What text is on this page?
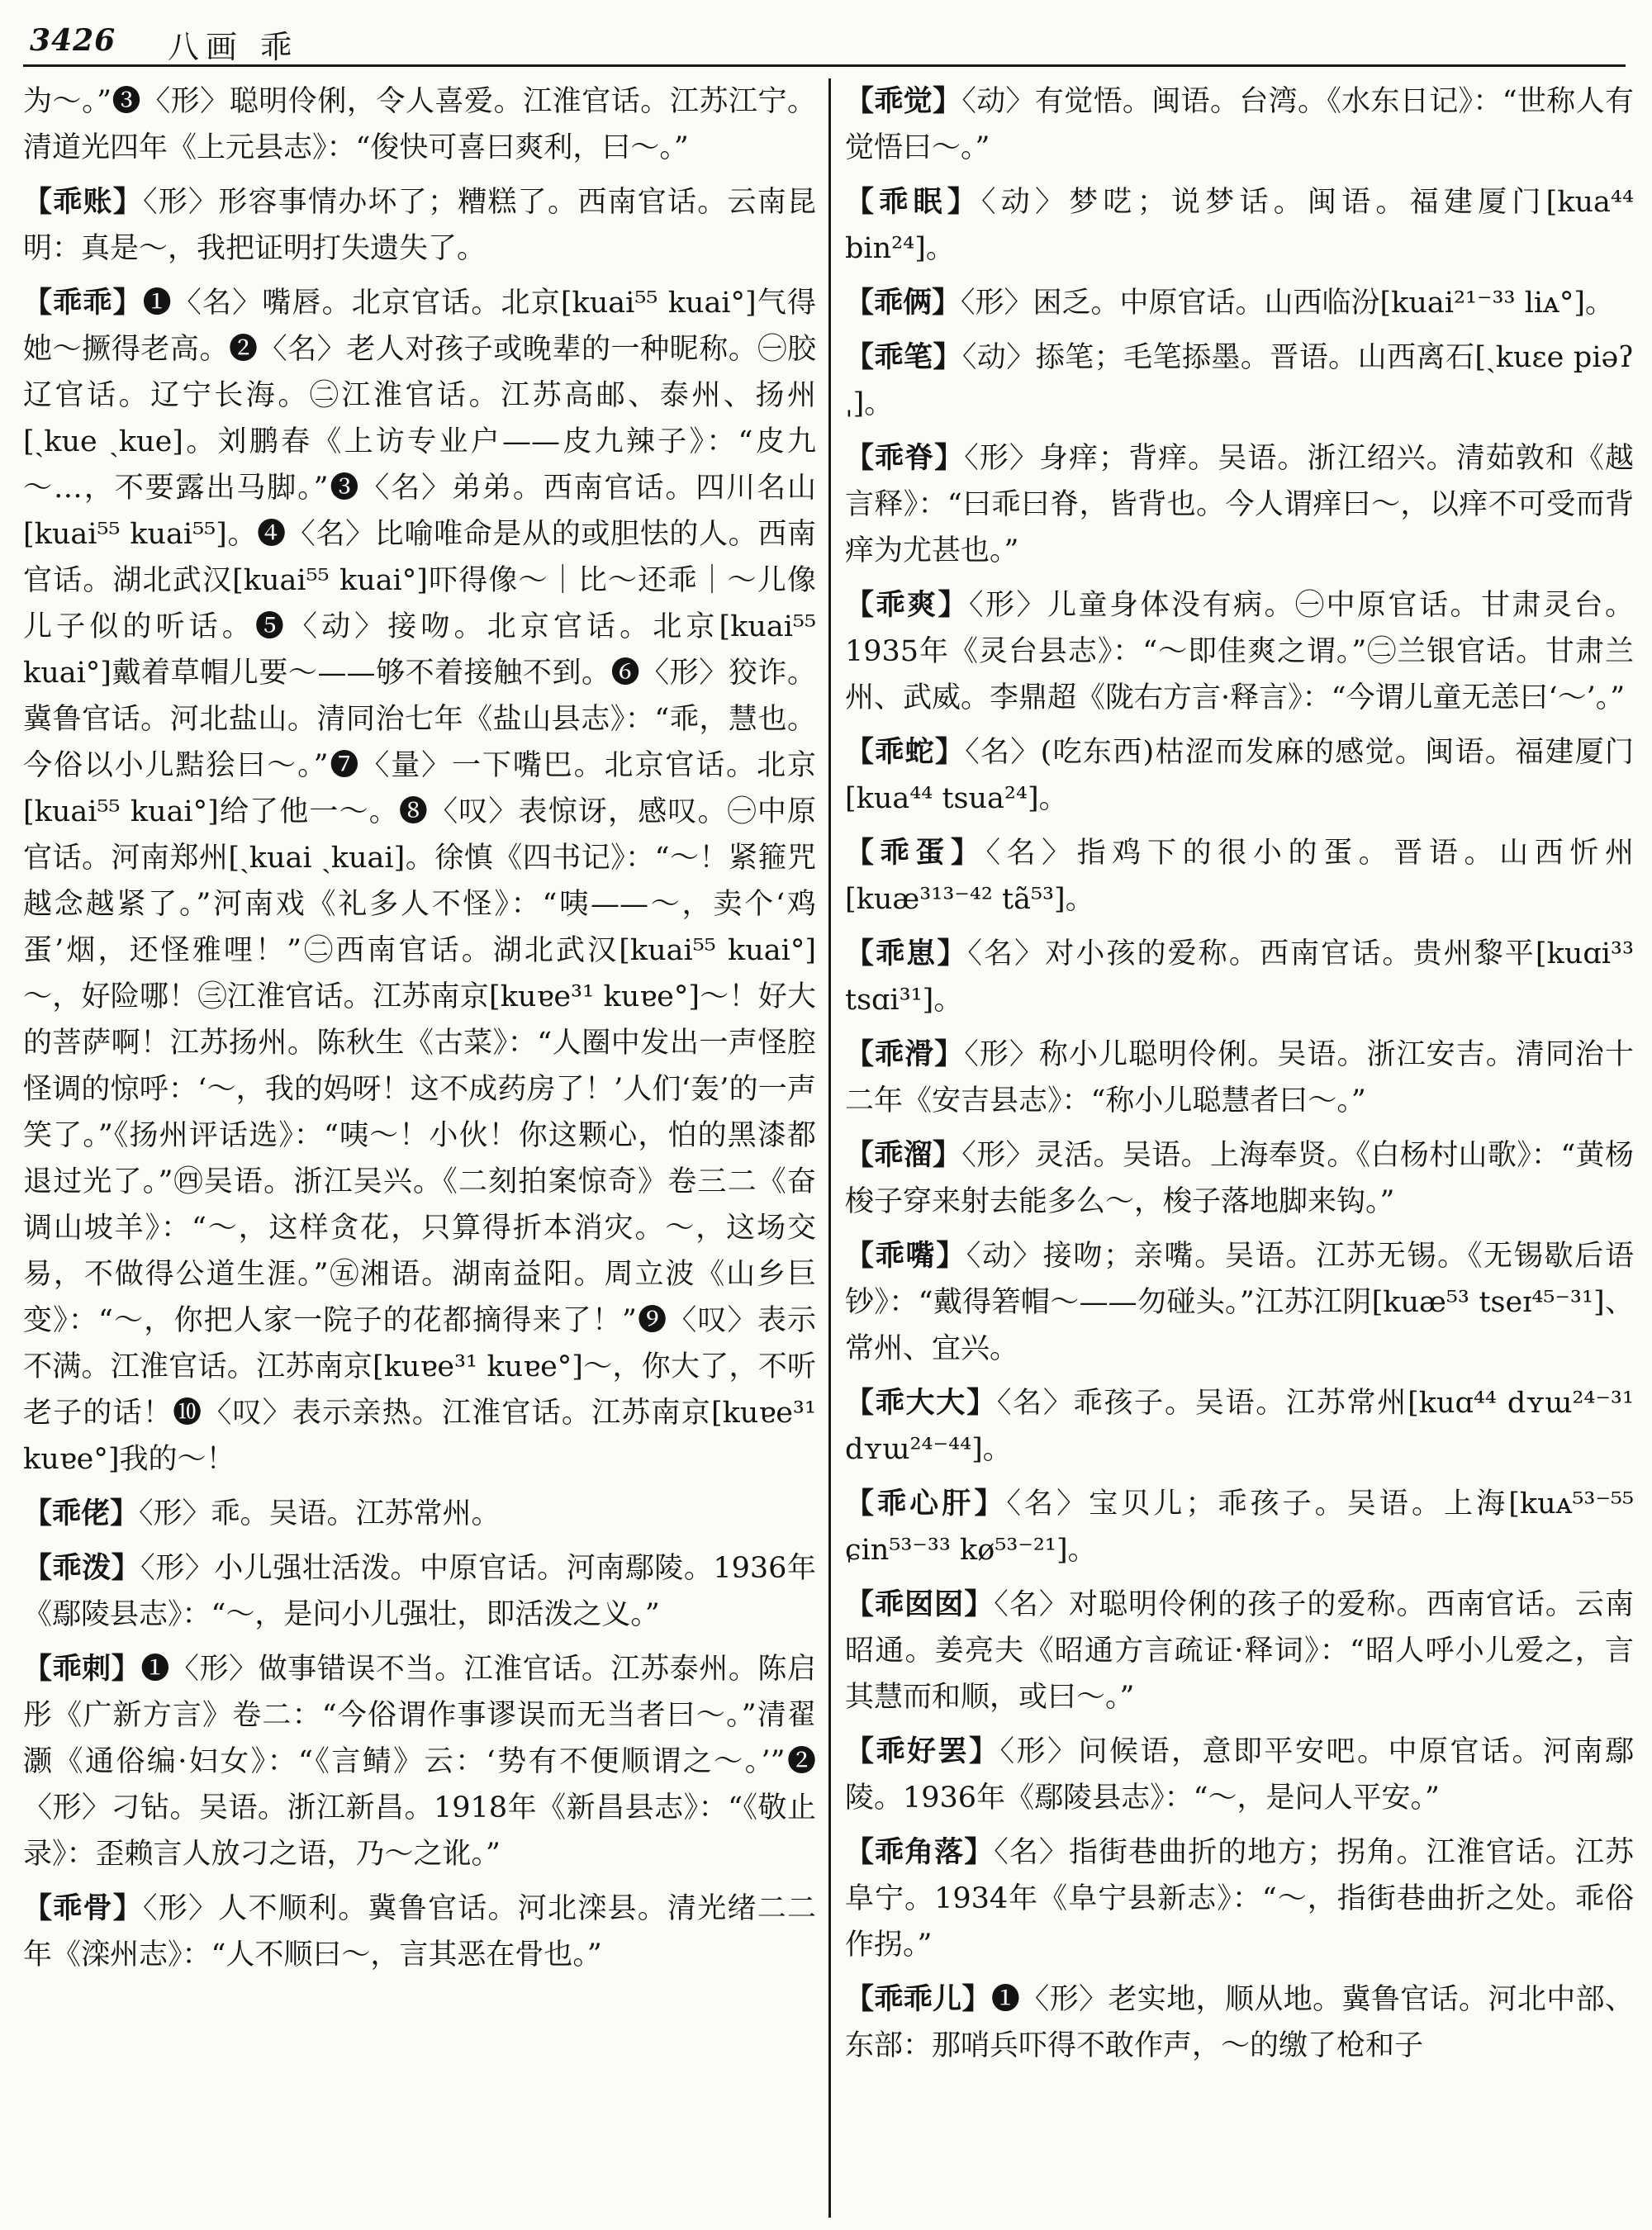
3426 八画 乖

为～。”❸〈形〉聪明伶俐，令人喜爱。江淮官话。江苏江宁。清道光四年《上元县志》：“俊快可喜曰爽利，曰～。”

【乖账】〈形〉形容事情办坏了；糟糕了。西南官话。云南昆明：真是～，我把证明打失遗失了。

【乖乖】❶〈名〉嘴唇。北京官话。北京[kuai⁵⁵ kuai°]气得她～撅得老高。❷〈名〉老人对孩子或晚辈的一种昵称。㊀胶辽官话。辽宁长海。㊁江淮官话。江苏高邮、泰州、扬州[ˏkue ˏkue]。刘鹏春《上访专业户——皮九辣子》：“皮九～…，不要露出马脚。”❸〈名〉弟弟。西南官话。四川名山[kuai⁵⁵ kuai⁵⁵]。❹〈名〉比喻唯命是从的或胆怯的人。西南官话。湖北武汉[kuai⁵⁵ kuai°]吓得像～｜比～还乖｜～儿像儿子似的听话。❺〈动〉接吻。北京官话。北京[kuai⁵⁵ kuai°]戴着草帽儿要～——够不着接触不到。❻〈形〉狡诈。冀鲁官话。河北盐山。清同治七年《盐山县志》：“乖，慧也。今俗以小儿黠狯曰～。”❼〈量〉一下嘴巴。北京官话。北京[kuai⁵⁵ kuai°]给了他一～。❽〈叹〉表惊讶，感叹。㊀中原官话。河南郑州[ˏkuai ˏkuai]。徐慎《四书记》：“～！紧箍咒越念越紧了。”河南戏《礼多人不怪》：“咦——～，卖个‘鸡蛋’烟，还怪雅哩！”㊁西南官话。湖北武汉[kuai⁵⁵ kuai°]～，好险哪！㊂江淮官话。江苏南京[kuɐe³¹ kuɐe°]～！好大的菩萨啊！江苏扬州。陈秋生《古菜》：“人圈中发出一声怪腔怪调的惊呼：‘～，我的妈呀！这不成药房了！’人们‘轰’的一声笑了。”《扬州评话选》：“咦～！小伙！你这颗心，怕的黑漆都退过光了。”㊃吴语。浙江吴兴。《二刻拍案惊奇》卷三二《奋调山坡羊》：“～，这样贪花，只算得折本消灾。～，这场交易，不做得公道生涯。”㊄湘语。湖南益阳。周立波《山乡巨变》：“～，你把人家一院子的花都摘得来了！”❾〈叹〉表示不满。江淮官话。江苏南京[kuɐe³¹ kuɐe°]～，你大了，不听老子的话！❿〈叹〉表示亲热。江淮官话。江苏南京[kuɐe³¹ kuɐe°]我的～！

【乖佬】〈形〉乖。吴语。江苏常州。

【乖泼】〈形〉小儿强壮活泼。中原官话。河南鄢陵。1936年《鄢陵县志》：“～，是问小儿强壮，即活泼之义。”

【乖刺】❶〈形〉做事错误不当。江淮官话。江苏泰州。陈启彤《广新方言》卷二：“今俗谓作事谬误而无当者曰～。”清翟灏《通俗编·妇女》：“《言鲭》云：‘势有不便顺谓之～。’”❷〈形〉刁钻。吴语。浙江新昌。1918年《新昌县志》：“《敬止录》：歪赖言人放刁之语，乃～之讹。”

【乖骨】〈形〉人不顺利。冀鲁官话。河北滦县。清光绪二二年《滦州志》：“人不顺曰～，言其恶在骨也。”

【乖觉】〈动〉有觉悟。闽语。台湾。《水东日记》：“世称人有觉悟曰～。”

【乖眠】〈动〉梦呓；说梦话。闽语。福建厦门[kua⁴⁴ bin²⁴]。

【乖俩】〈形〉困乏。中原官话。山西临汾[kuai²¹⁻³³ liᴀ°]。

【乖笔】〈动〉掭笔；毛笔掭墨。晋语。山西离石[ˏkuɛe piəʔˌ]。

【乖脊】〈形〉身痒；背痒。吴语。浙江绍兴。清茹敦和《越言释》：“曰乖曰脊，皆背也。今人谓痒曰～，以痒不可受而背痒为尤甚也。”

【乖爽】〈形〉儿童身体没有病。㊀中原官话。甘肃灵台。1935年《灵台县志》：“～即佳爽之谓。”㊁兰银官话。甘肃兰州、武威。李鼎超《陇右方言·释言》：“今谓儿童无恙曰‘～’。”

【乖蛇】〈名〉(吃东西)枯涩而发麻的感觉。闽语。福建厦门[kua⁴⁴ tsua²⁴]。

【乖蛋】〈名〉指鸡下的很小的蛋。晋语。山西忻州[kuæ³¹³⁻⁴² tã⁵³]。

【乖崽】〈名〉对小孩的爱称。西南官话。贵州黎平[kuɑi³³ tsɑi³¹]。

【乖滑】〈形〉称小儿聪明伶俐。吴语。浙江安吉。清同治十二年《安吉县志》：“称小儿聪慧者曰～。”

【乖溜】〈形〉灵活。吴语。上海奉贤。《白杨村山歌》：“黄杨梭子穿来射去能多么～，梭子落地脚来钩。”

【乖嘴】〈动〉接吻；亲嘴。吴语。江苏无锡。《无锡歇后语钞》：“戴得箬帽～——勿碰头。”江苏江阴[kuæ⁵³ tseɪ⁴⁵⁻³¹]、常州、宜兴。

【乖大大】〈名〉乖孩子。吴语。江苏常州[kuɑ⁴⁴ dʏɯ²⁴⁻³¹ dʏɯ²⁴⁻⁴⁴]。

【乖心肝】〈名〉宝贝儿；乖孩子。吴语。上海[kuᴀ⁵³⁻⁵⁵ ɕin⁵³⁻³³ kø⁵³⁻²¹]。

【乖囡囡】〈名〉对聪明伶俐的孩子的爱称。西南官话。云南昭通。姜亮夫《昭通方言疏证·释词》：“昭人呼小儿爱之，言其慧而和顺，或曰～。”

【乖好罢】〈形〉问候语，意即平安吧。中原官话。河南鄢陵。1936年《鄢陵县志》：“～，是问人平安。”

【乖角落】〈名〉指街巷曲折的地方；拐角。江淮官话。江苏阜宁。1934年《阜宁县新志》：“～，指街巷曲折之处。乖俗作拐。”

【乖乖儿】❶〈形〉老实地，顺从地。冀鲁官话。河北中部、东部：那哨兵吓得不敢作声，～的缴了枪和子
